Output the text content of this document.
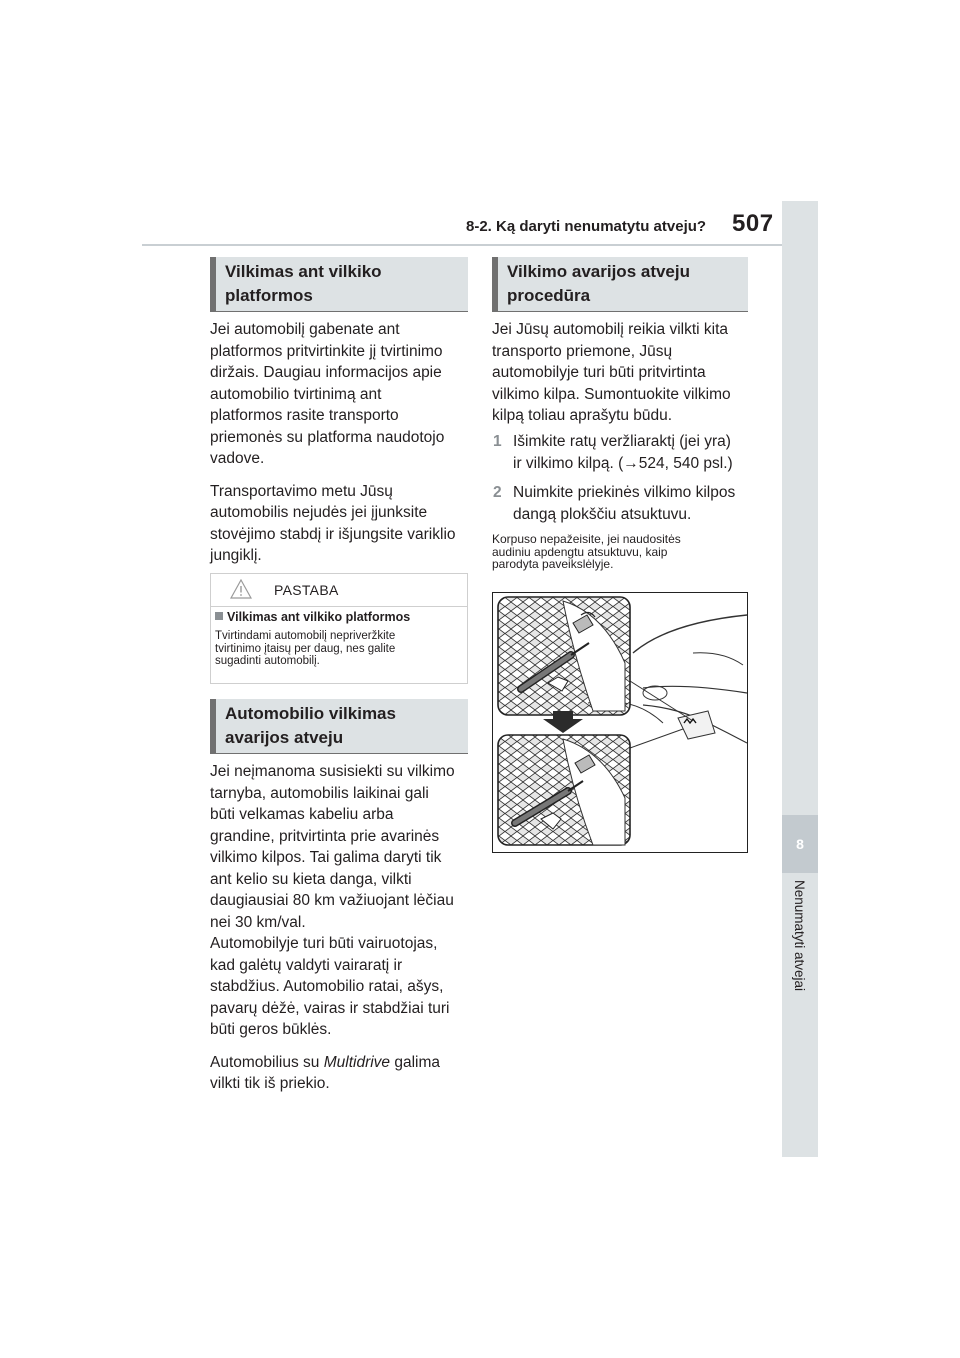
8-2. Ką daryti nenumatytu atveju? 507
8
Nenumatyti atvejai
Vilkimas ant vilkiko
platformos

Jei automobilį gabenate ant
platformos pritvirtinkite jį tvirtinimo
diržais. Daugiau informacijos apie
automobilio tvirtinimą ant
platformos rasite transporto
priemonės su platforma naudotojo
vadove.

Transportavimo metu Jūsų
automobilis nejudės jei įjunksite
stovėjimo stabdį ir išjungsite variklio
jungiklį.

PASTABA
Vilkimas ant vilkiko platformos
Tvirtindami automobilį nepriveržkite
tvirtinimo įtaisų per daug, nes galite
sugadinti automobilį.
Automobilio vilkimas
avarijos atveju

Jei neįmanoma susisiekti su vilkimo
tarnyba, automobilis laikinai gali
būti velkamas kabeliu arba
grandine, pritvirtinta prie avarinės
vilkimo kilpos. Tai galima daryti tik
ant kelio su kieta danga, vilkti
daugiausiai 80 km važiuojant lėčiau
nei 30 km/val.
Automobilyje turi būti vairuotojas,
kad galėtų valdyti vairaratį ir
stabdžius. Automobilio ratai, ašys,
pavarų dėžė, vairas ir stabdžiai turi
būti geros būklės.

Automobilius su Multidrive galima
vilkti tik iš priekio.

Vilkimo avarijos atveju
procedūra

Jei Jūsų automobilį reikia vilkti kita
transporto priemone, Jūsų
automobilyje turi būti pritvirtinta
vilkimo kilpa. Sumontuokite vilkimo
kilpą toliau aprašytu būdu.

1 Išimkite ratų veržliaraktį (jei yra)
ir vilkimo kilpą. (→524, 540 psl.)
2 Nuimkite priekinės vilkimo kilpos
dangą plokščiu atsuktuvu.
Korpuso nepažeisite, jei naudositės
audiniu apdengtu atsuktuvu, kaip
parodyta paveikslėlyje.
